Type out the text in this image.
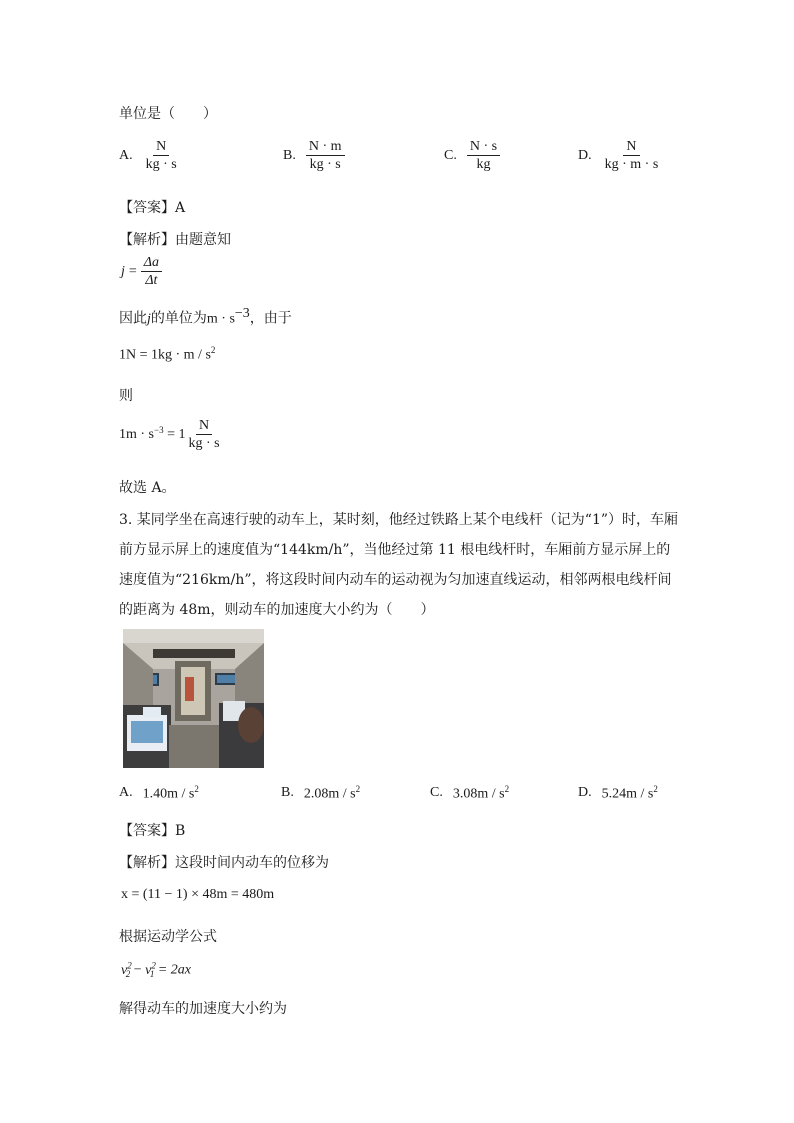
单位是（　　）
A. $\frac{N}{kg \cdot s}$	B. $\frac{N \cdot m}{kg \cdot s}$	C. $\frac{N \cdot s}{kg}$	D. $\frac{N}{kg \cdot m \cdot s}$
【答案】A
【解析】由题意知
$j = \frac{\Delta a}{\Delta t}$
因此j的单位为$m \cdot s^{-3}$，由于
$1N = 1kg \cdot m / s^2$
则
$1m \cdot s^{-3} = 1 \frac{N}{kg \cdot s}$
故选 A。
3. 某同学坐在高速行驶的动车上，某时刻，他经过铁路上某个电线杆（记为“1”）时，车厢前方显示屏上的速度值为“144km/h”，当他经过第 11 根电线杆时，车厢前方显示屏上的速度值为“216km/h”，将这段时间内动车的运动视为匀加速直线运动，相邻两根电线杆间的距离为 48m，则动车的加速度大小约为（　　）
A. $1.40m / s^2$	B. $2.08m / s^2$	C. $3.08m / s^2$	D. $5.24m / s^2$
【答案】B
【解析】这段时间内动车的位移为
x = (11 − 1) × 48m = 480m
根据运动学公式
$v^2_2 - v^2_1 = 2ax$
解得动车的加速度大小约为
